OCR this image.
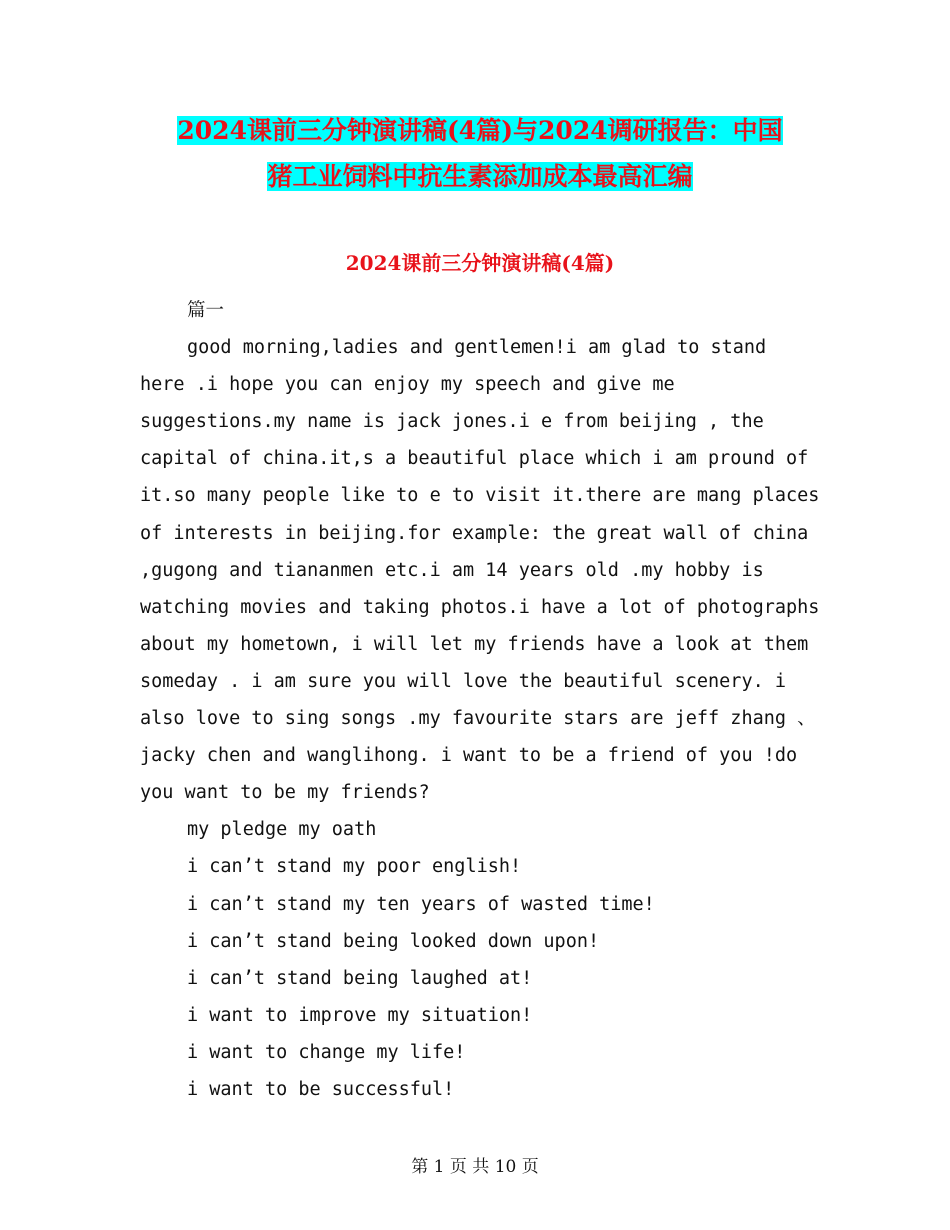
2024课前三分钟演讲稿(4篇)与2024调研报告：中国
猪工业饲料中抗生素添加成本最高汇编
2024课前三分钟演讲稿(4篇)

篇一

good morning,ladies and gentlemen!i am glad to stand here .i hope you can enjoy my speech and give me suggestions.my name is jack jones.i e from beijing , the capital of china.it,s a beautiful place which i am pround of it.so many people like to e to visit it.there are mang places of interests in beijing.for example: the great wall of china ,gugong and tiananmen etc.i am 14 years old .my hobby is watching movies and taking photos.i have a lot of photographs about my hometown, i will let my friends have a look at them someday . i am sure you will love the beautiful scenery. i also love to sing songs .my favourite stars are jeff zhang 、jacky chen and wanglihong. i want to be a friend of you !do you want to be my friends?

my pledge my oath

i can’t stand my poor english!

i can’t stand my ten years of wasted time!

i can’t stand being looked down upon!

i can’t stand being laughed at!

i want to improve my situation!

i want to change my life!

i want to be successful!

第 1 页 共 10 页
